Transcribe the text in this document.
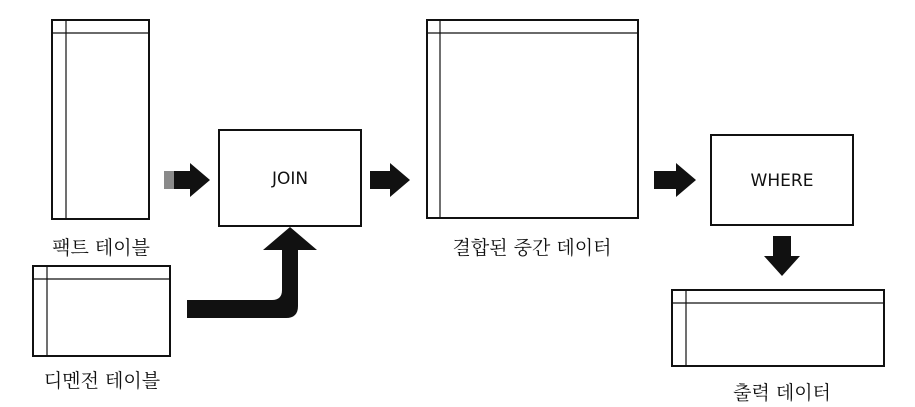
JOIN	WHERE
팩트 테이블
디멘전 테이블
결합된 중간 데이터
출력 데이터
